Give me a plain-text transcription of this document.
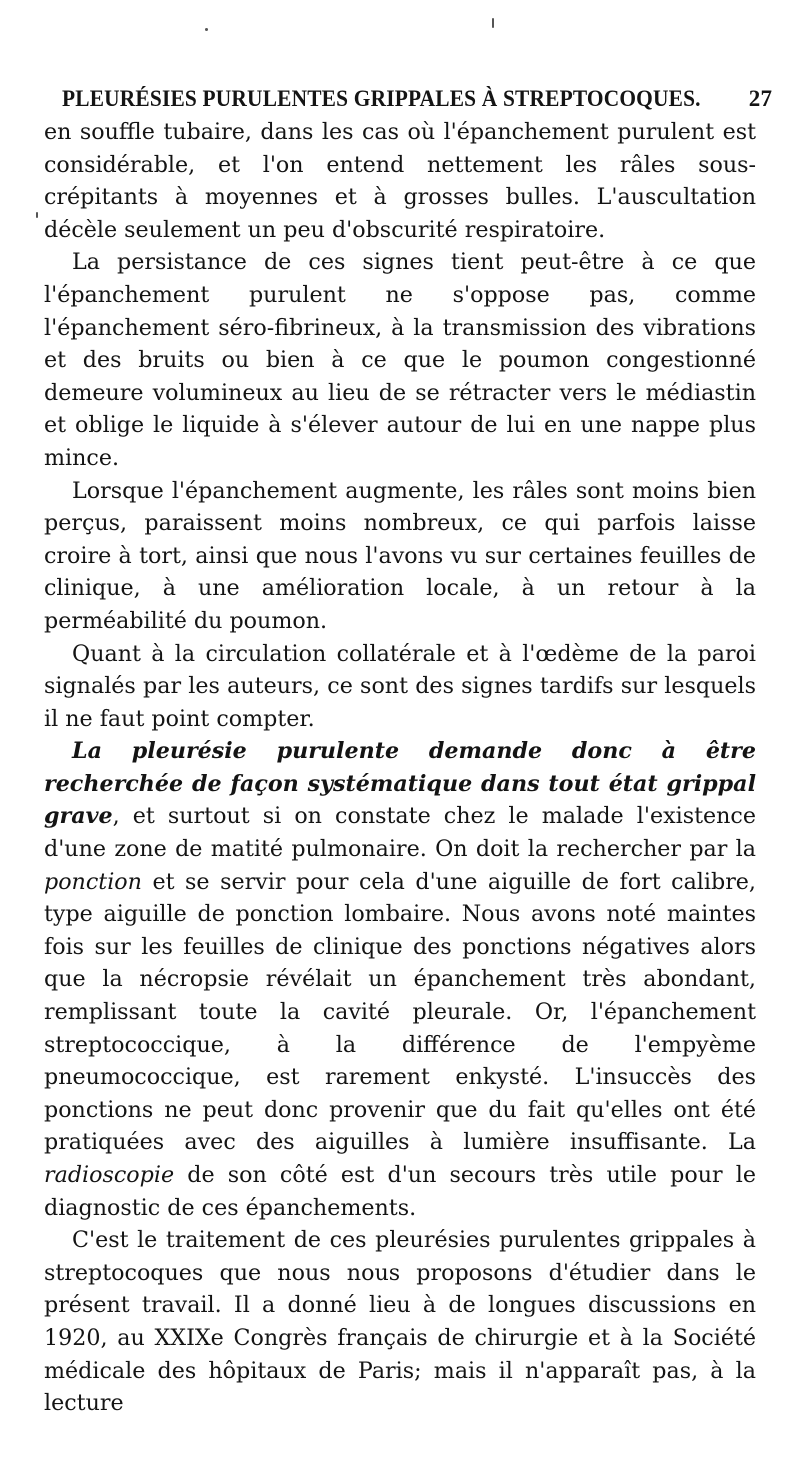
PLEURÉSIES PURULENTES GRIPPALES À STREPTOCOQUES. 27

en souffle tubaire, dans les cas où l'épanchement purulent est considérable, et l'on entend nettement les râles sous-crépitants à moyennes et à grosses bulles. L'auscultation décèle seulement un peu d'obscurité respiratoire.

La persistance de ces signes tient peut-être à ce que l'épanchement purulent ne s'oppose pas, comme l'épanchement séro-fibrineux, à la transmission des vibrations et des bruits ou bien à ce que le poumon congestionné demeure volumineux au lieu de se rétracter vers le médiastin et oblige le liquide à s'élever autour de lui en une nappe plus mince.

Lorsque l'épanchement augmente, les râles sont moins bien perçus, paraissent moins nombreux, ce qui parfois laisse croire à tort, ainsi que nous l'avons vu sur certaines feuilles de clinique, à une amélioration locale, à un retour à la perméabilité du poumon.

Quant à la circulation collatérale et à l'œdème de la paroi signalés par les auteurs, ce sont des signes tardifs sur lesquels il ne faut point compter.

La pleurésie purulente demande donc à être recherchée de façon systématique dans tout état grippal grave, et surtout si on constate chez le malade l'existence d'une zone de matité pulmonaire. On doit la rechercher par la ponction et se servir pour cela d'une aiguille de fort calibre, type aiguille de ponction lombaire. Nous avons noté maintes fois sur les feuilles de clinique des ponctions négatives alors que la nécropsie révélait un épanchement très abondant, remplissant toute la cavité pleurale. Or, l'épanchement streptococcique, à la différence de l'empyème pneumococcique, est rarement enkysté. L'insuccès des ponctions ne peut donc provenir que du fait qu'elles ont été pratiquées avec des aiguilles à lumière insuffisante. La radioscopie de son côté est d'un secours très utile pour le diagnostic de ces épanchements.

C'est le traitement de ces pleurésies purulentes grippales à streptocoques que nous nous proposons d'étudier dans le présent travail. Il a donné lieu à de longues discussions en 1920, au XXIXe Congrès français de chirurgie et à la Société médicale des hôpitaux de Paris; mais il n'apparaît pas, à la lecture
